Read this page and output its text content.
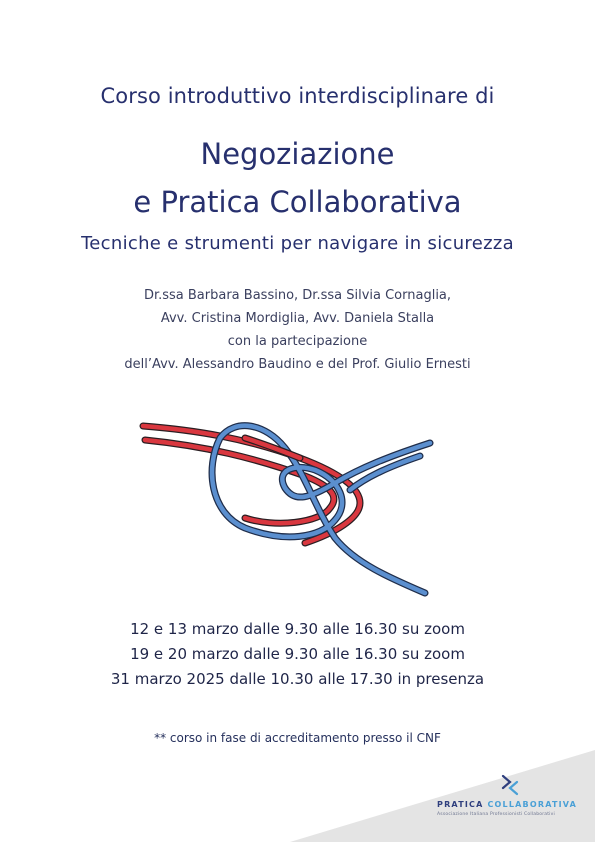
Corso introduttivo interdisciplinare di
Negoziazione
e Pratica Collaborativa
Tecniche e strumenti per navigare in sicurezza
Dr.ssa Barbara Bassino, Dr.ssa Silvia Cornaglia,
Avv. Cristina Mordiglia, Avv. Daniela Stalla
con la partecipazione
dell’Avv. Alessandro Baudino e del Prof. Giulio Ernesti
12 e 13 marzo dalle 9.30 alle 16.30 su zoom
19 e 20 marzo dalle 9.30 alle 16.30 su zoom
31 marzo 2025 dalle 10.30 alle 17.30 in presenza
** corso in fase di accreditamento presso il CNF
PRATICA COLLABORATIVA
Associazione Italiana Professionisti Collaborativi
